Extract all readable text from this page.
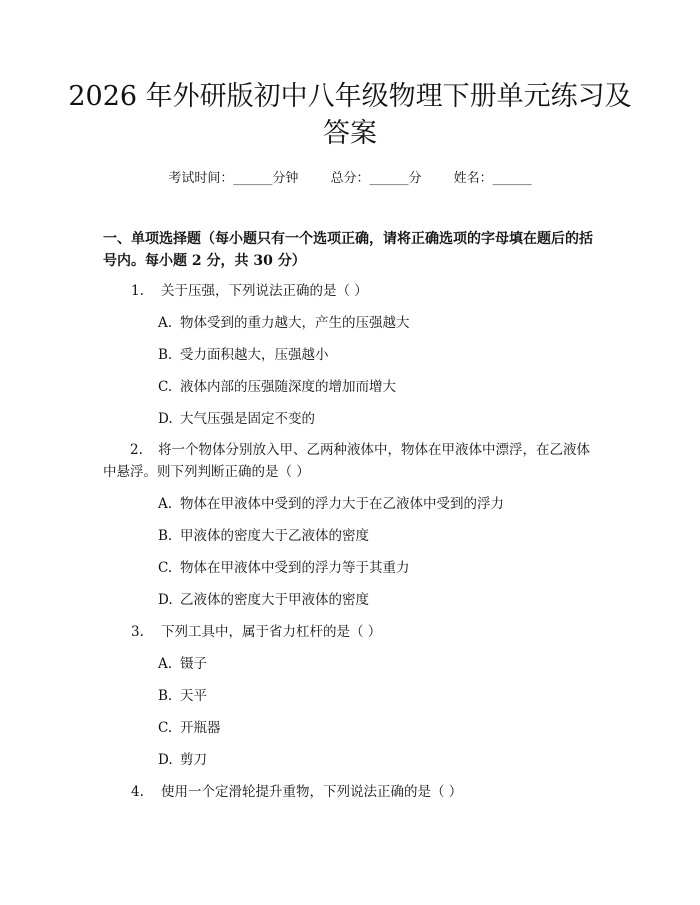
2026 年外研版初中八年级物理下册单元练习及答案
考试时间：______分钟 总分：______分 姓名：______
一、单项选择题（每小题只有一个选项正确，请将正确选项的字母填在题后的括号内。每小题 2 分，共 30 分）
1. 关于压强，下列说法正确的是（ ）
A. 物体受到的重力越大，产生的压强越大
B. 受力面积越大，压强越小
C. 液体内部的压强随深度的增加而增大
D. 大气压强是固定不变的
2. 将一个物体分别放入甲、乙两种液体中，物体在甲液体中漂浮，在乙液体中悬浮。则下列判断正确的是（ ）
A. 物体在甲液体中受到的浮力大于在乙液体中受到的浮力
B. 甲液体的密度大于乙液体的密度
C. 物体在甲液体中受到的浮力等于其重力
D. 乙液体的密度大于甲液体的密度
3. 下列工具中，属于省力杠杆的是（ ）
A. 镊子
B. 天平
C. 开瓶器
D. 剪刀
4. 使用一个定滑轮提升重物，下列说法正确的是（ ）
